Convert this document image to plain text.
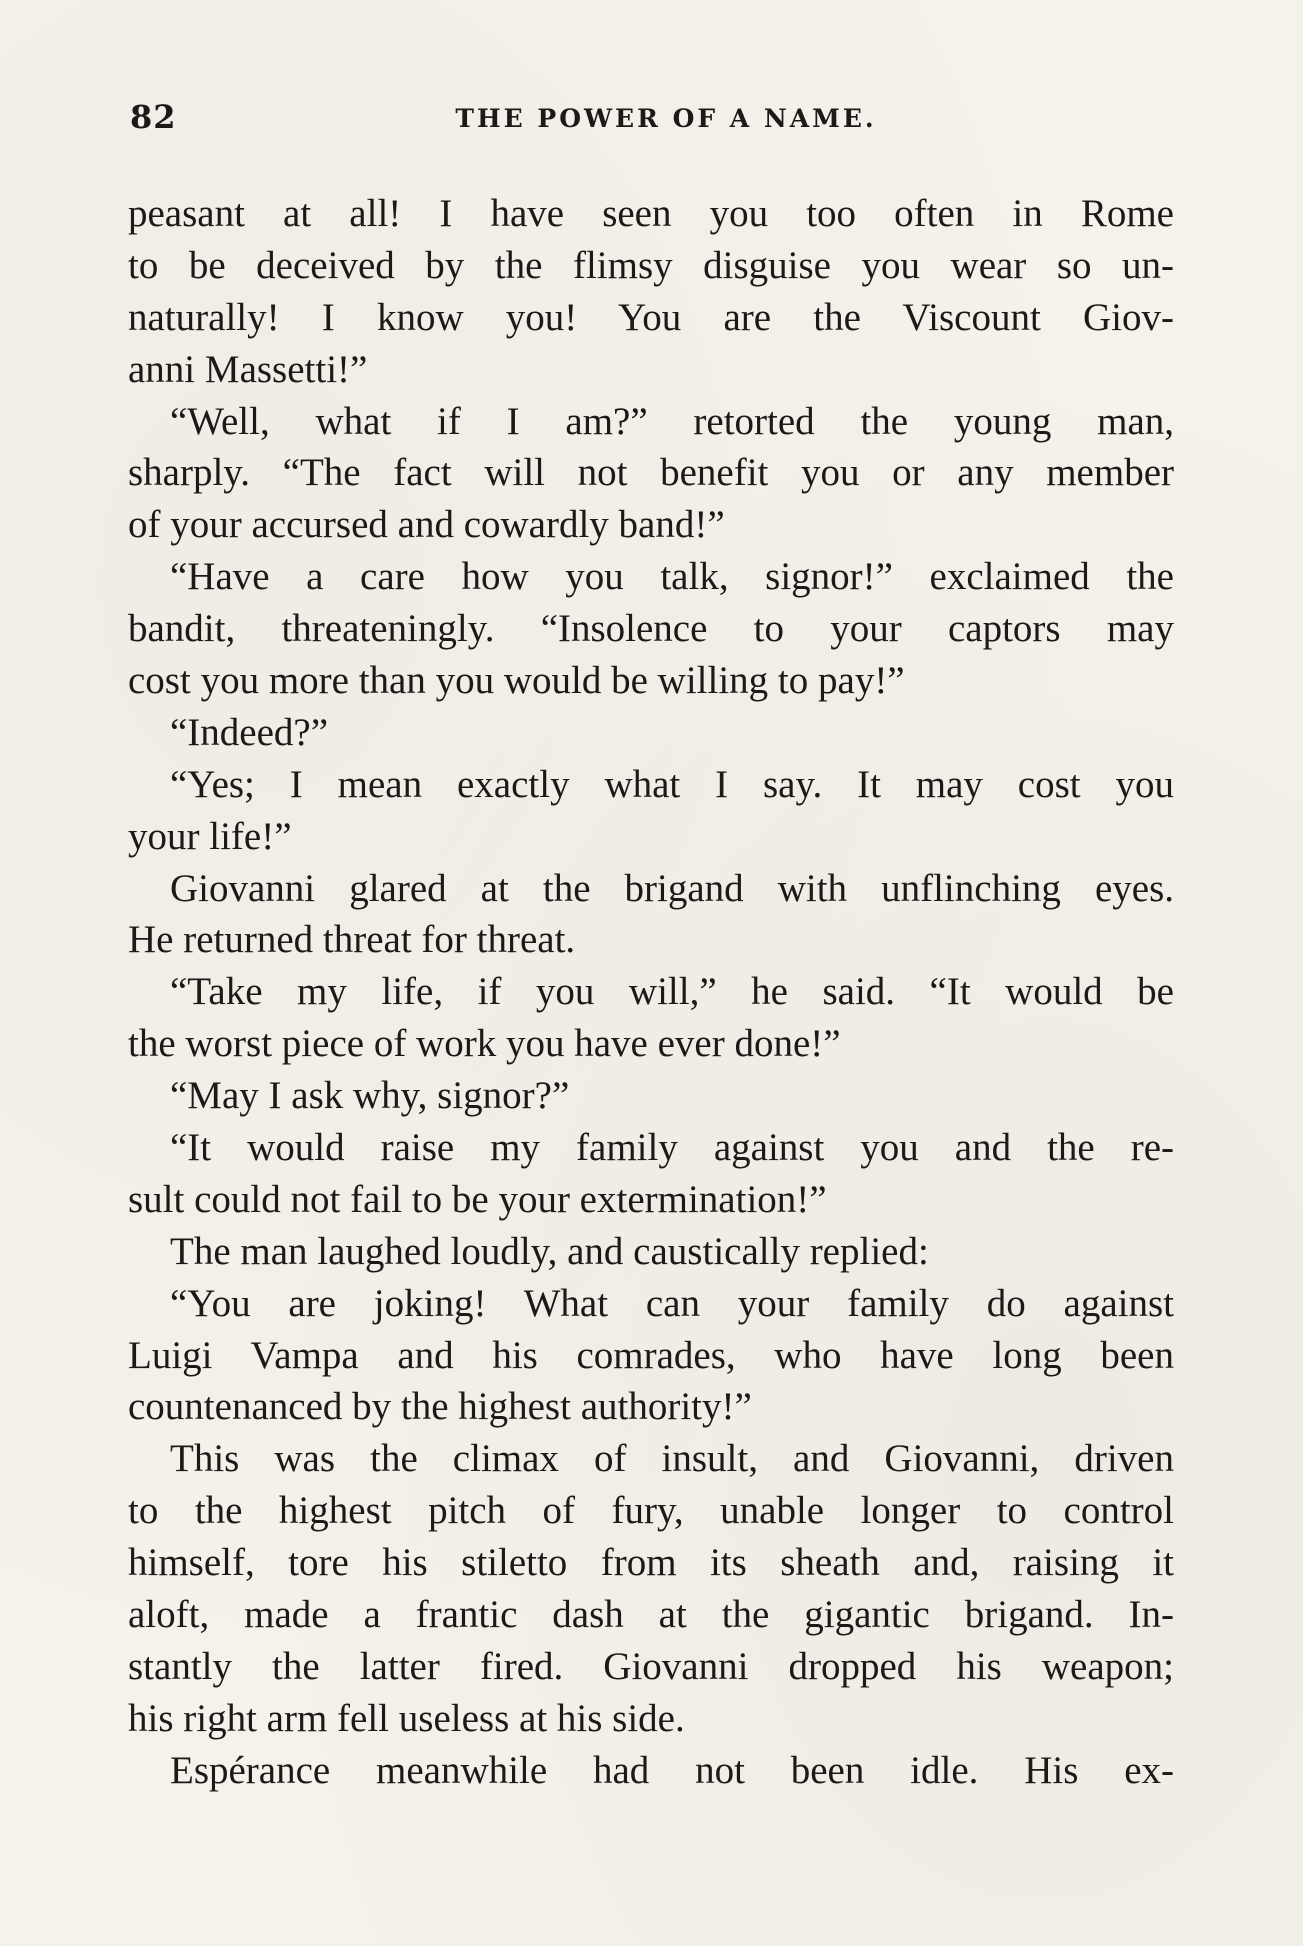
82	THE POWER OF A NAME.
peasant at all! I have seen you too often in Rome
to be deceived by the flimsy disguise you wear so un-
naturally! I know you! You are the Viscount Giov-
anni Massetti!”
“Well, what if I am?” retorted the young man,
sharply. “The fact will not benefit you or any member
of your accursed and cowardly band!”
“Have a care how you talk, signor!” exclaimed the
bandit, threateningly. “Insolence to your captors may
cost you more than you would be willing to pay!”
“Indeed?”
“Yes; I mean exactly what I say. It may cost you
your life!”
Giovanni glared at the brigand with unflinching eyes.
He returned threat for threat.
“Take my life, if you will,” he said. “It would be
the worst piece of work you have ever done!”
“May I ask why, signor?”
“It would raise my family against you and the re-
sult could not fail to be your extermination!”
The man laughed loudly, and caustically replied:
“You are joking! What can your family do against
Luigi Vampa and his comrades, who have long been
countenanced by the highest authority!”
This was the climax of insult, and Giovanni, driven
to the highest pitch of fury, unable longer to control
himself, tore his stiletto from its sheath and, raising it
aloft, made a frantic dash at the gigantic brigand. In-
stantly the latter fired. Giovanni dropped his weapon;
his right arm fell useless at his side.
Espérance meanwhile had not been idle. His ex-
